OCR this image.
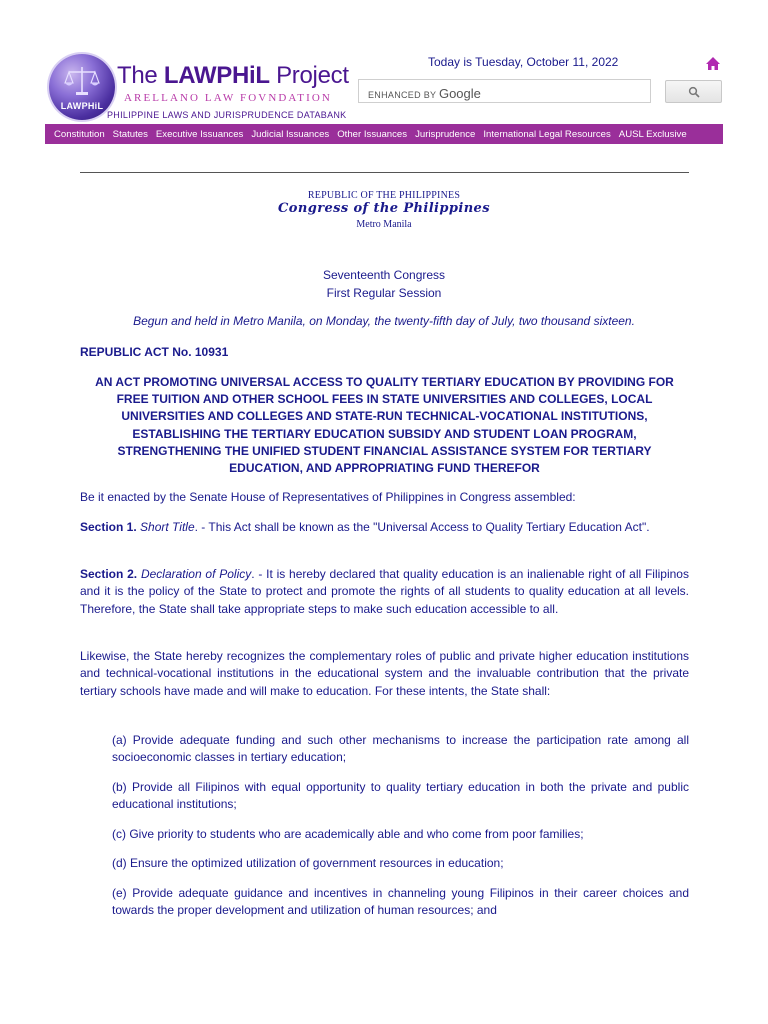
LAWPHiL
The LAWPHiL Project
ARELLANO LAW FOVNDATION
PHILIPPINE LAWS AND JURISPRUDENCE DATABANK
Today is Tuesday, October 11, 2022
ENHANCED BY Google
Constitution Statutes Executive Issuances Judicial Issuances Other Issuances Jurisprudence International Legal Resources AUSL Exclusive
REPUBLIC OF THE PHILIPPINES
Congress of the Philippines
Metro Manila
Seventeenth Congress
First Regular Session
Begun and held in Metro Manila, on Monday, the twenty-fifth day of July, two thousand sixteen.
REPUBLIC ACT No. 10931
AN ACT PROMOTING UNIVERSAL ACCESS TO QUALITY TERTIARY EDUCATION BY PROVIDING FOR FREE TUITION AND OTHER SCHOOL FEES IN STATE UNIVERSITIES AND COLLEGES, LOCAL UNIVERSITIES AND COLLEGES AND STATE-RUN TECHNICAL-VOCATIONAL INSTITUTIONS, ESTABLISHING THE TERTIARY EDUCATION SUBSIDY AND STUDENT LOAN PROGRAM, STRENGTHENING THE UNIFIED STUDENT FINANCIAL ASSISTANCE SYSTEM FOR TERTIARY EDUCATION, AND APPROPRIATING FUND THEREFOR
Be it enacted by the Senate House of Representatives of Philippines in Congress assembled:
Section 1. Short Title. - This Act shall be known as the "Universal Access to Quality Tertiary Education Act".
Section 2. Declaration of Policy. - It is hereby declared that quality education is an inalienable right of all Filipinos and it is the policy of the State to protect and promote the rights of all students to quality education at all levels. Therefore, the State shall take appropriate steps to make such education accessible to all.
Likewise, the State hereby recognizes the complementary roles of public and private higher education institutions and technical-vocational institutions in the educational system and the invaluable contribution that the private tertiary schools have made and will make to education. For these intents, the State shall:
(a) Provide adequate funding and such other mechanisms to increase the participation rate among all socioeconomic classes in tertiary education;
(b) Provide all Filipinos with equal opportunity to quality tertiary education in both the private and public educational institutions;
(c) Give priority to students who are academically able and who come from poor families;
(d) Ensure the optimized utilization of government resources in education;
(e) Provide adequate guidance and incentives in channeling young Filipinos in their career choices and towards the proper development and utilization of human resources; and
